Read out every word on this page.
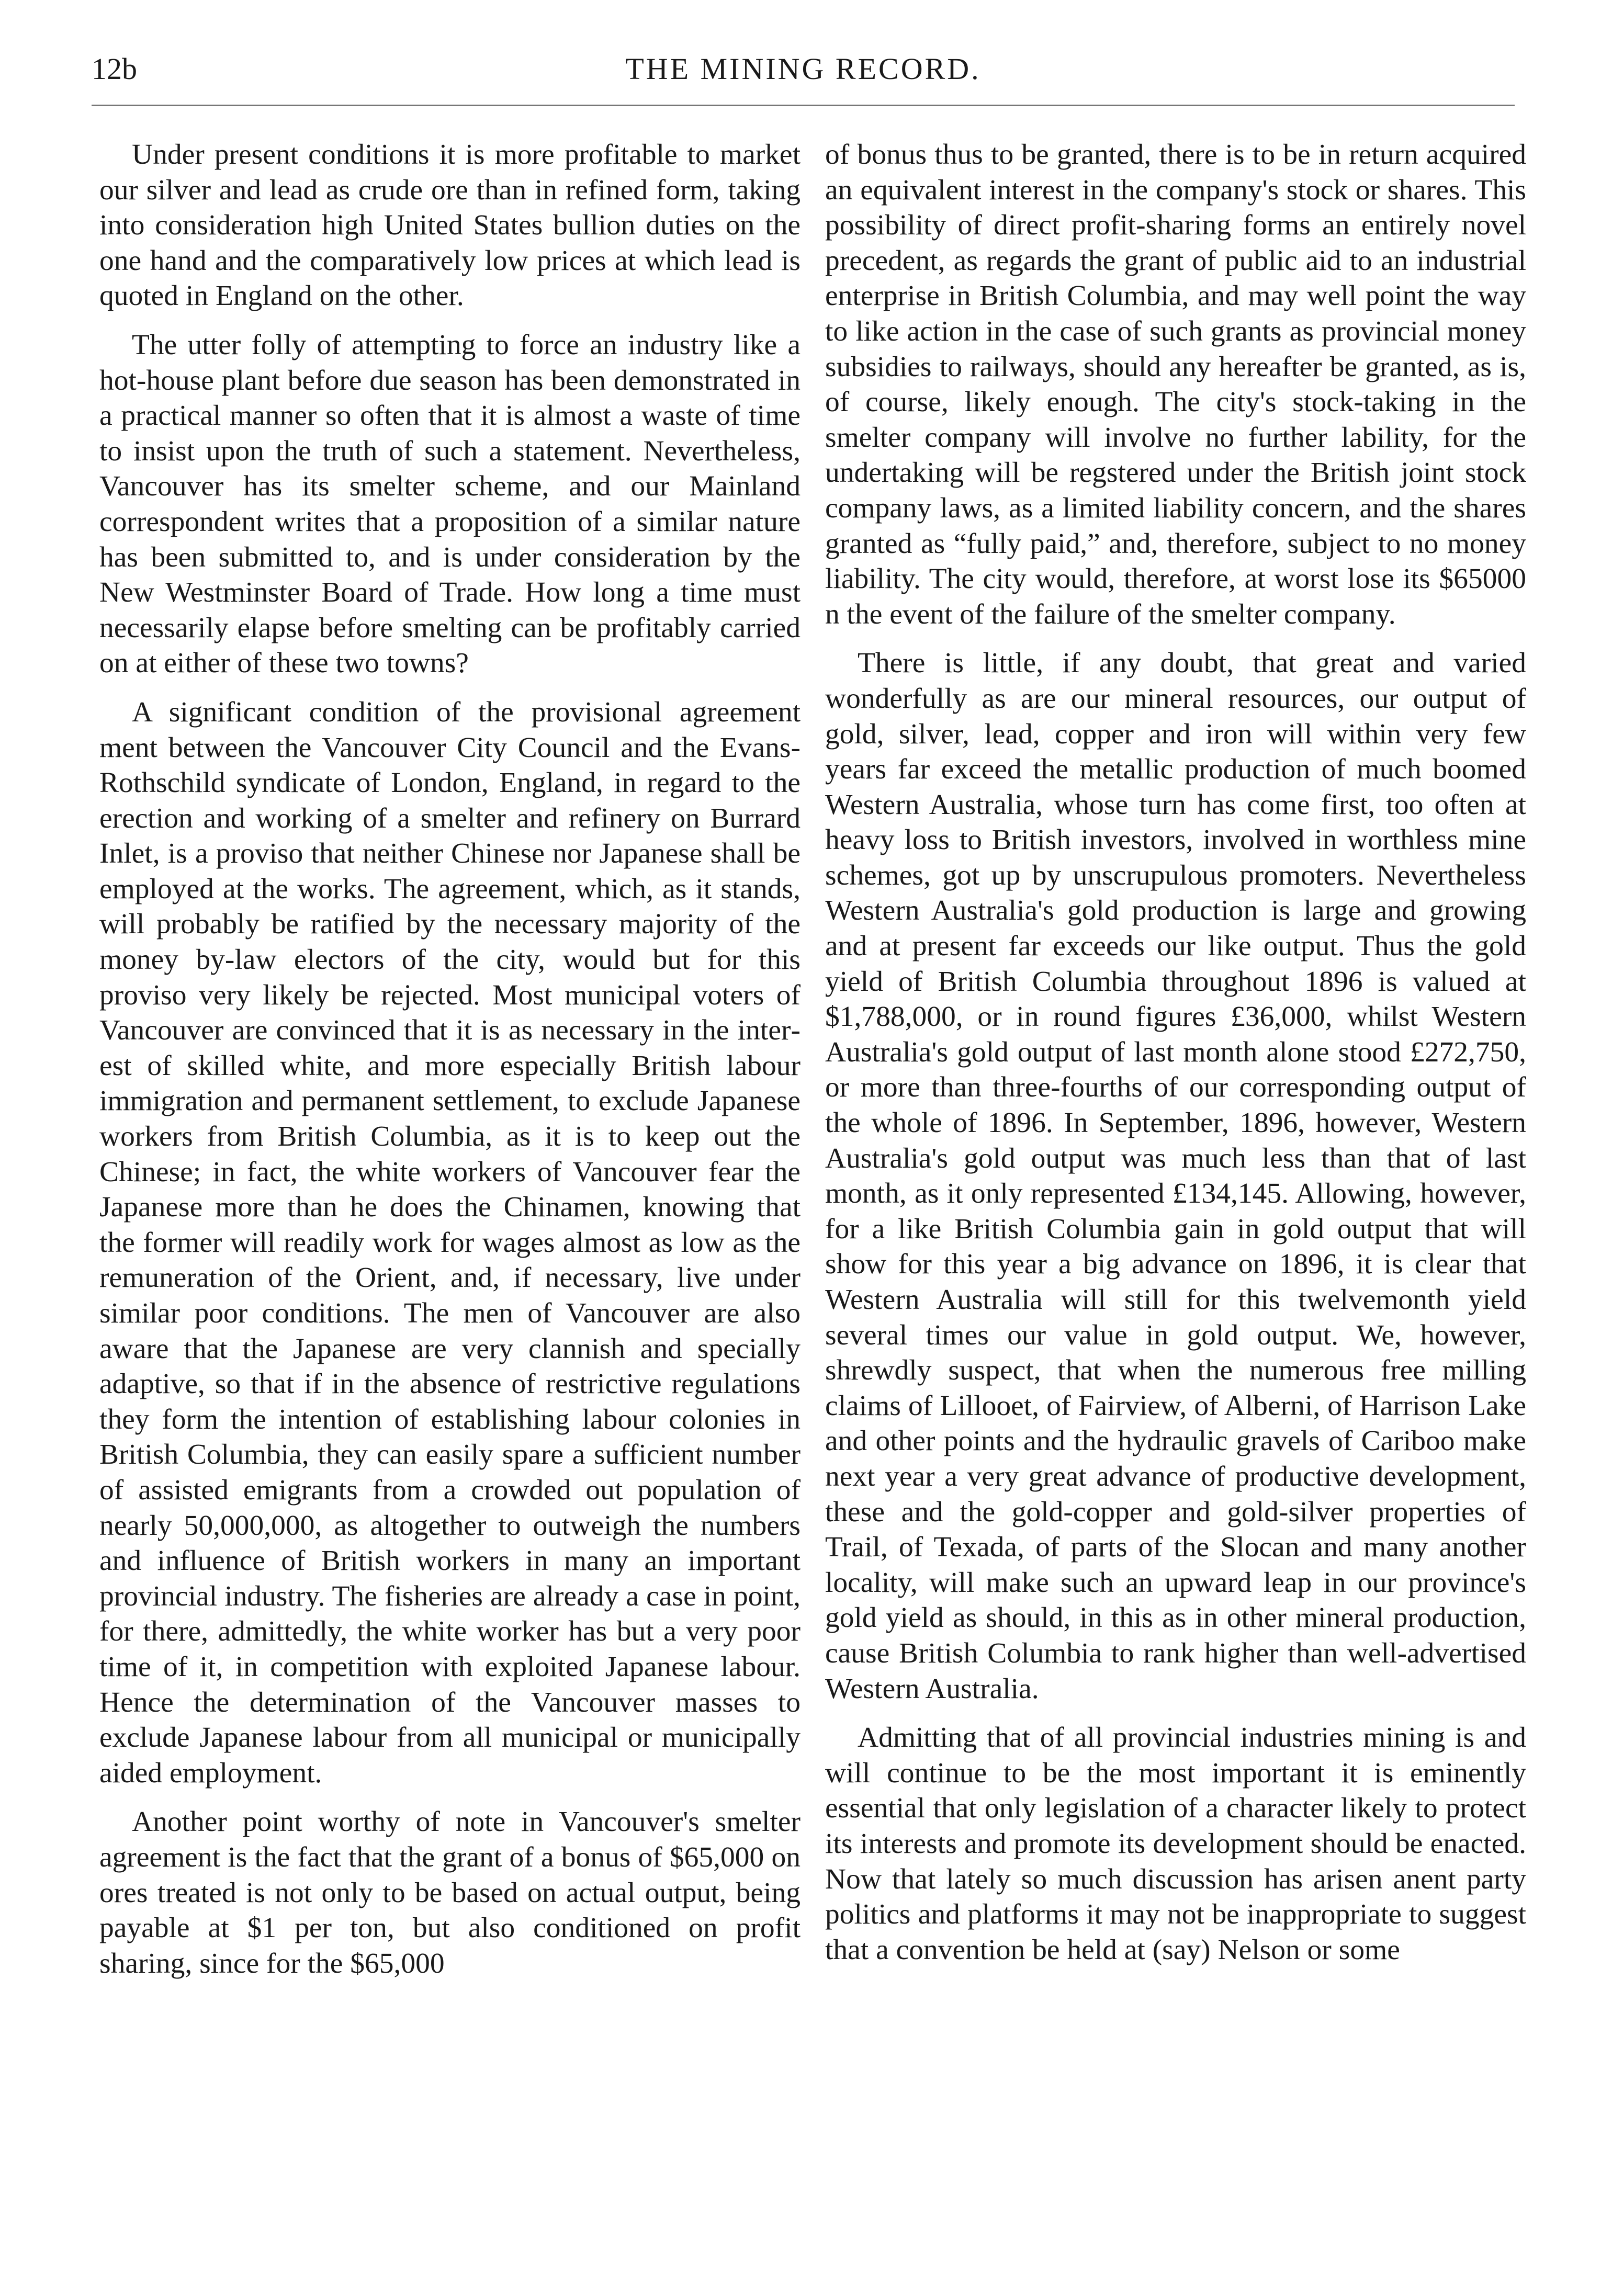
12b	THE MINING RECORD.

Under present conditions it is more profitable to market our silver and lead as crude ore than in refined form, taking into consideration high United States bullion duties on the one hand and the comparatively low prices at which lead is quoted in England on the other.

The utter folly of attempting to force an industry like a hot-house plant before due season has been demonstrated in a practical manner so often that it is almost a waste of time to insist upon the truth of such a statement. Nevertheless, Vancouver has its smelter scheme, and our Mainland correspondent writes that a proposition of a similar nature has been submitted to, and is under consideration by the New Westminster Board of Trade. How long a time must necessarily elapse before smelting can be profitably carried on at either of these two towns?

A significant condition of the provisional agreement ment between the Vancouver City Council and the Evans-Rothschild syndicate of London, England, in regard to the erection and working of a smelter and refinery on Burrard Inlet, is a proviso that neither Chinese nor Japanese shall be employed at the works. The agreement, which, as it stands, will probably be ratified by the necessary majority of the money by-law electors of the city, would but for this proviso very likely be rejected. Most municipal voters of Vancouver are convinced that it is as necessary in the interest of skilled white, and more especially British labour immigration and permanent settlement, to exclude Japanese workers from British Columbia, as it is to keep out the Chinese; in fact, the white workers of Vancouver fear the Japanese more than he does the Chinamen, knowing that the former will readily work for wages almost as low as the remuneration of the Orient, and, if necessary, live under similar poor conditions. The men of Vancouver are also aware that the Japanese are very clannish and specially adaptive, so that if in the absence of restrictive regulations they form the intention of establishing labour colonies in British Columbia, they can easily spare a sufficient number of assisted emigrants from a crowded out population of nearly 50,000,000, as altogether to outweigh the numbers and influence of British workers in many an important provincial industry. The fisheries are already a case in point, for there, admittedly, the white worker has but a very poor time of it, in competition with exploited Japanese labour. Hence the determination of the Vancouver masses to exclude Japanese labour from all municipal or municipally aided employment.

Another point worthy of note in Vancouver's smelter agreement is the fact that the grant of a bonus of $65,000 on ores treated is not only to be based on actual output, being payable at $1 per ton, but also conditioned on profit sharing, since for the $65,000

of bonus thus to be granted, there is to be in return acquired an equivalent interest in the company's stock or shares. This possibility of direct profit-sharing forms an entirely novel precedent, as regards the grant of public aid to an industrial enterprise in British Columbia, and may well point the way to like action in the case of such grants as provincial money subsidies to railways, should any hereafter be granted, as is, of course, likely enough. The city's stock-taking in the smelter company will involve no further lability, for the undertaking will be regstered under the British joint stock company laws, as a limited liability concern, and the shares granted as “fully paid,” and, therefore, subject to no money liability. The city would, therefore, at worst lose its $65000 n the event of the failure of the smelter company.

There is little, if any doubt, that great and varied wonderfully as are our mineral resources, our output of gold, silver, lead, copper and iron will within very few years far exceed the metallic production of much boomed Western Australia, whose turn has come first, too often at heavy loss to British investors, involved in worthless mine schemes, got up by unscrupulous promoters. Nevertheless Western Australia's gold production is large and growing and at present far exceeds our like output. Thus the gold yield of British Columbia throughout 1896 is valued at $1,788,000, or in round figures £36,000, whilst Western Australia's gold output of last month alone stood £272,750, or more than three-fourths of our corresponding output of the whole of 1896. In September, 1896, however, Western Australia's gold output was much less than that of last month, as it only represented £134,145. Allowing, however, for a like British Columbia gain in gold output that will show for this year a big advance on 1896, it is clear that Western Australia will still for this twelvemonth yield several times our value in gold output. We, however, shrewdly suspect, that when the numerous free milling claims of Lillooet, of Fairview, of Alberni, of Harrison Lake and other points and the hydraulic gravels of Cariboo make next year a very great advance of productive development, these and the gold-copper and gold-silver properties of Trail, of Texada, of parts of the Slocan and many another locality, will make such an upward leap in our province's gold yield as should, in this as in other mineral production, cause British Columbia to rank higher than well-advertised Western Australia.

Admitting that of all provincial industries mining is and will continue to be the most important it is eminently essential that only legislation of a character likely to protect its interests and promote its development should be enacted. Now that lately so much discussion has arisen anent party politics and platforms it may not be inappropriate to suggest that a convention be held at (say) Nelson or some
